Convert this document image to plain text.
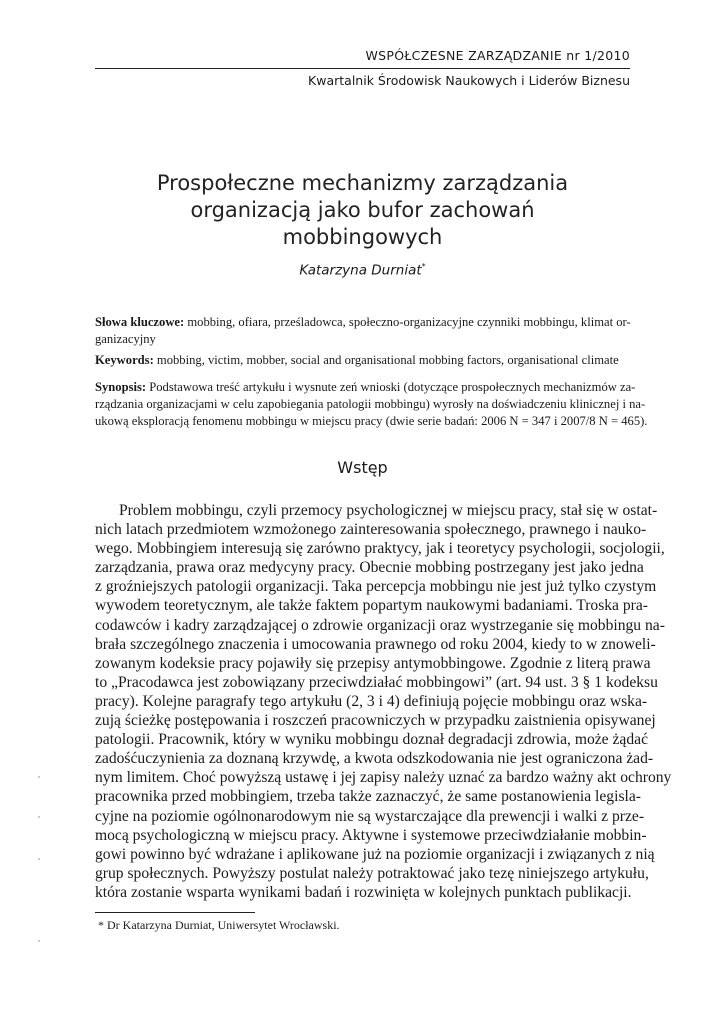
WSPÓŁCZESNE ZARZĄDZANIE nr 1/2010
Kwartalnik Środowisk Naukowych i Liderów Biznesu
Prospołeczne mechanizmy zarządzania
organizacją jako bufor zachowań
mobbingowych
Katarzyna Durniat*
Słowa kluczowe: mobbing, ofiara, prześladowca, społeczno-organizacyjne czynniki mobbingu, klimat or-
ganizacyjny
Keywords: mobbing, victim, mobber, social and organisational mobbing factors, organisational climate
Synopsis: Podstawowa treść artykułu i wysnute zeń wnioski (dotyczące prospołecznych mechanizmów za-
rządzania organizacjami w celu zapobiegania patologii mobbingu) wyrosły na doświadczeniu klinicznej i na-
ukową eksploracją fenomenu mobbingu w miejscu pracy (dwie serie badań: 2006 N = 347 i 2007/8 N = 465).
Wstęp
Problem mobbingu, czyli przemocy psychologicznej w miejscu pracy, stał się w ostat-
nich latach przedmiotem wzmożonego zainteresowania społecznego, prawnego i nauko-
wego. Mobbingiem interesują się zarówno praktycy, jak i teoretycy psychologii, socjologii,
zarządzania, prawa oraz medycyny pracy. Obecnie mobbing postrzegany jest jako jedna
z groźniejszych patologii organizacji. Taka percepcja mobbingu nie jest już tylko czystym
wywodem teoretycznym, ale także faktem popartym naukowymi badaniami. Troska pra-
codawców i kadry zarządzającej o zdrowie organizacji oraz wystrzeganie się mobbingu na-
brała szczególnego znaczenia i umocowania prawnego od roku 2004, kiedy to w znoweli-
zowanym kodeksie pracy pojawiły się przepisy antymobbingowe. Zgodnie z literą prawa
to „Pracodawca jest zobowiązany przeciwdziałać mobbingowi” (art. 94 ust. 3 § 1 kodeksu
pracy). Kolejne paragrafy tego artykułu (2, 3 i 4) definiują pojęcie mobbingu oraz wska-
zują ścieżkę postępowania i roszczeń pracowniczych w przypadku zaistnienia opisywanej
patologii. Pracownik, który w wyniku mobbingu doznał degradacji zdrowia, może żądać
zadośćuczynienia za doznaną krzywdę, a kwota odszkodowania nie jest ograniczona żad-
nym limitem. Choć powyższą ustawę i jej zapisy należy uznać za bardzo ważny akt ochrony
pracownika przed mobbingiem, trzeba także zaznaczyć, że same postanowienia legisla-
cyjne na poziomie ogólnonarodowym nie są wystarczające dla prewencji i walki z prze-
mocą psychologiczną w miejscu pracy. Aktywne i systemowe przeciwdziałanie mobbin-
gowi powinno być wdrażane i aplikowane już na poziomie organizacji i związanych z nią
grup społecznych. Powyższy postulat należy potraktować jako tezę niniejszego artykułu,
która zostanie wsparta wynikami badań i rozwinięta w kolejnych punktach publikacji.
* Dr Katarzyna Durniat, Uniwersytet Wrocławski.
